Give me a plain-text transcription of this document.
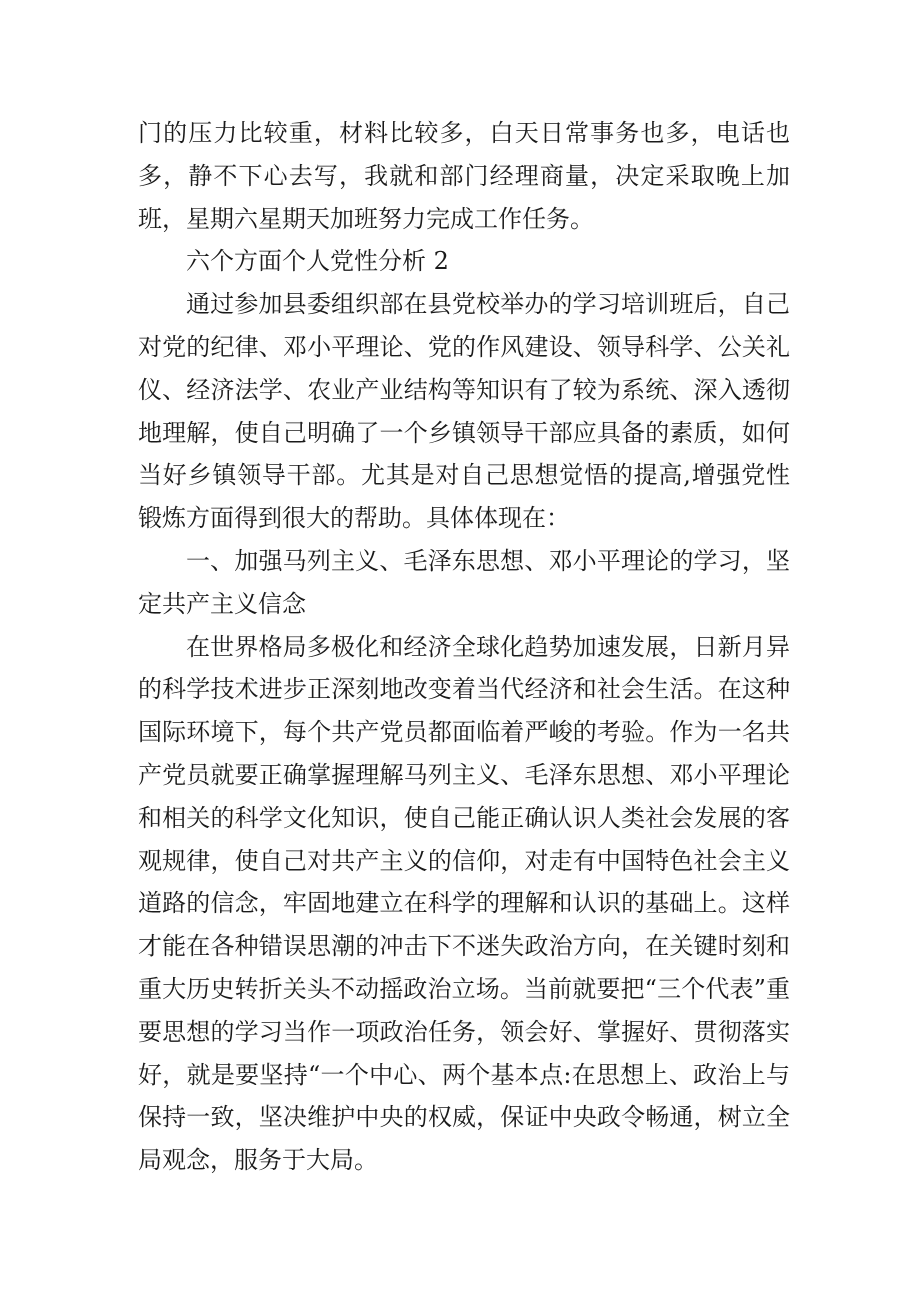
门的压力比较重，材料比较多，白天日常事务也多，电话也多，静不下心去写，我就和部门经理商量，决定采取晚上加班，星期六星期天加班努力完成工作任务。

六个方面个人党性分析 2

通过参加县委组织部在县党校举办的学习培训班后，自己对党的纪律、邓小平理论、党的作风建设、领导科学、公关礼仪、经济法学、农业产业结构等知识有了较为系统、深入透彻地理解，使自己明确了一个乡镇领导干部应具备的素质，如何当好乡镇领导干部。尤其是对自己思想觉悟的提高,增强党性锻炼方面得到很大的帮助。具体体现在：

一、加强马列主义、毛泽东思想、邓小平理论的学习，坚定共产主义信念

在世界格局多极化和经济全球化趋势加速发展，日新月异的科学技术进步正深刻地改变着当代经济和社会生活。在这种国际环境下，每个共产党员都面临着严峻的考验。作为一名共产党员就要正确掌握理解马列主义、毛泽东思想、邓小平理论和相关的科学文化知识，使自己能正确认识人类社会发展的客观规律，使自己对共产主义的信仰，对走有中国特色社会主义道路的信念，牢固地建立在科学的理解和认识的基础上。这样才能在各种错误思潮的冲击下不迷失政治方向，在关键时刻和重大历史转折关头不动摇政治立场。当前就要把“三个代表”重要思想的学习当作一项政治任务，领会好、掌握好、贯彻落实好，就是要坚持“一个中心、两个基本点:在思想上、政治上与保持一致，坚决维护中央的权威，保证中央政令畅通，树立全局观念，服务于大局。
